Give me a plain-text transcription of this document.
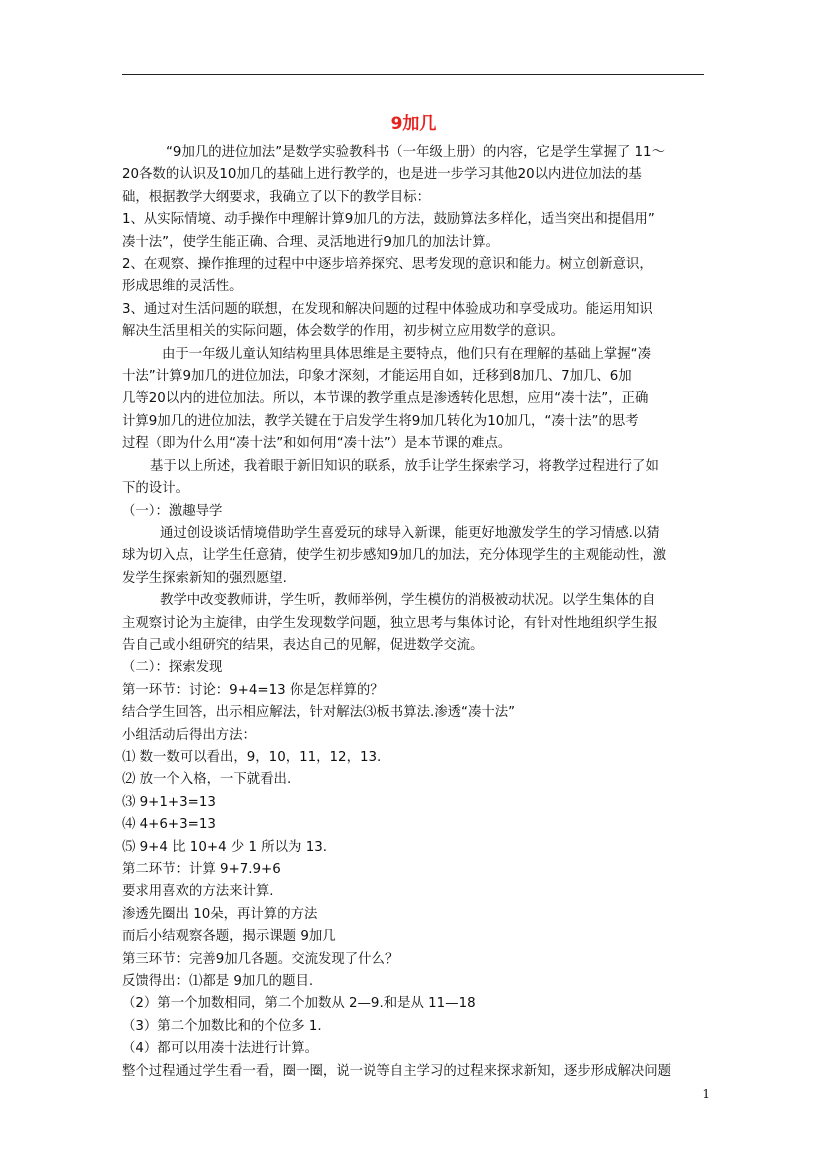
9加几

“9加几的进位加法”是数学实验教科书（一年级上册）的内容，它是学生掌握了 11～

20各数的认识及10加几的基础上进行教学的，也是进一步学习其他20以内进位加法的基

础，根据教学大纲要求，我确立了以下的教学目标：

1、从实际情境、动手操作中理解计算9加几的方法，鼓励算法多样化，适当突出和提倡用”

凑十法”，使学生能正确、合理、灵活地进行9加几的加法计算。

2、在观察、操作推理的过程中中逐步培养探究、思考发现的意识和能力。树立创新意识，

形成思维的灵活性。

3、通过对生活问题的联想，在发现和解决问题的过程中体验成功和享受成功。能运用知识

解决生活里相关的实际问题，体会数学的作用，初步树立应用数学的意识。

由于一年级儿童认知结构里具体思维是主要特点，他们只有在理解的基础上掌握“凑

十法”计算9加几的进位加法，印象才深刻，才能运用自如，迁移到8加几、7加几、6加

几等20以内的进位加法。所以，本节课的教学重点是渗透转化思想，应用“凑十法”，正确

计算9加几的进位加法，教学关键在于启发学生将9加几转化为10加几，“凑十法”的思考

过程（即为什么用“凑十法”和如何用“凑十法”）是本节课的难点。

基于以上所述，我着眼于新旧知识的联系，放手让学生探索学习，将教学过程进行了如

下的设计。

（一）：激趣导学

通过创设谈话情境借助学生喜爱玩的球导入新课，能更好地激发学生的学习情感.以猜

球为切入点，让学生任意猜，使学生初步感知9加几的加法，充分体现学生的主观能动性，激

发学生探索新知的强烈愿望.

教学中改变教师讲，学生听，教师举例，学生模仿的消极被动状况。以学生集体的自

主观察讨论为主旋律，由学生发现数学问题，独立思考与集体讨论，有针对性地组织学生报

告自己或小组研究的结果，表达自己的见解，促进数学交流。

（二）：探索发现

第一环节：讨论：9+4=13 你是怎样算的？

结合学生回答，出示相应解法，针对解法⑶板书算法.渗透“凑十法”

小组活动后得出方法：

⑴ 数一数可以看出，9，10，11，12，13.

⑵ 放一个入格，一下就看出.

⑶ 9+1+3=13

⑷ 4+6+3=13

⑸ 9+4 比 10+4 少 1 所以为 13.

第二环节：计算 9+7.9+6

要求用喜欢的方法来计算.

渗透先圈出 10朵，再计算的方法

而后小结观察各题，揭示课题 9加几

第三环节：完善9加几各题。交流发现了什么？

反馈得出：⑴都是 9加几的题目.

（2）第一个加数相同，第二个加数从 2—9.和是从 11—18

（3）第二个加数比和的个位多 1.

（4）都可以用凑十法进行计算。

整个过程通过学生看一看，圈一圈，说一说等自主学习的过程来探求新知，逐步形成解决问题

1
